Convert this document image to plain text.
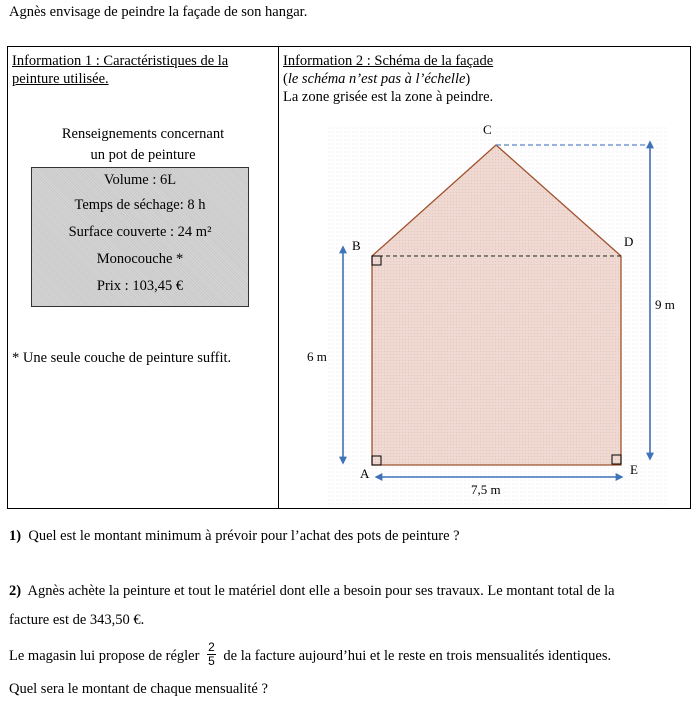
Agnès envisage de peindre la façade de son hangar.
Information 1 : Caractéristiques de la
peinture utilisée.
Renseignements concernant
un pot de peinture
Volume : 6L
Temps de séchage: 8 h
Surface couverte : 24 m²
Monocouche *
Prix : 103,45 €
* Une seule couche de peinture suffit.
Information 2 : Schéma de la façade
(le schéma n’est pas à l’échelle)
La zone grisée est la zone à peindre.
C
B	D
A	E
6 m
9 m
7,5 m
1) Quel est le montant minimum à prévoir pour l’achat des pots de peinture ?
2) Agnès achète la peinture et tout le matériel dont elle a besoin pour ses travaux. Le montant total de la
facture est de 343,50 €.
Le magasin lui propose de régler $\frac{2}{5}$ de la facture aujourd’hui et le reste en trois mensualités identiques.
Quel sera le montant de chaque mensualité ?
